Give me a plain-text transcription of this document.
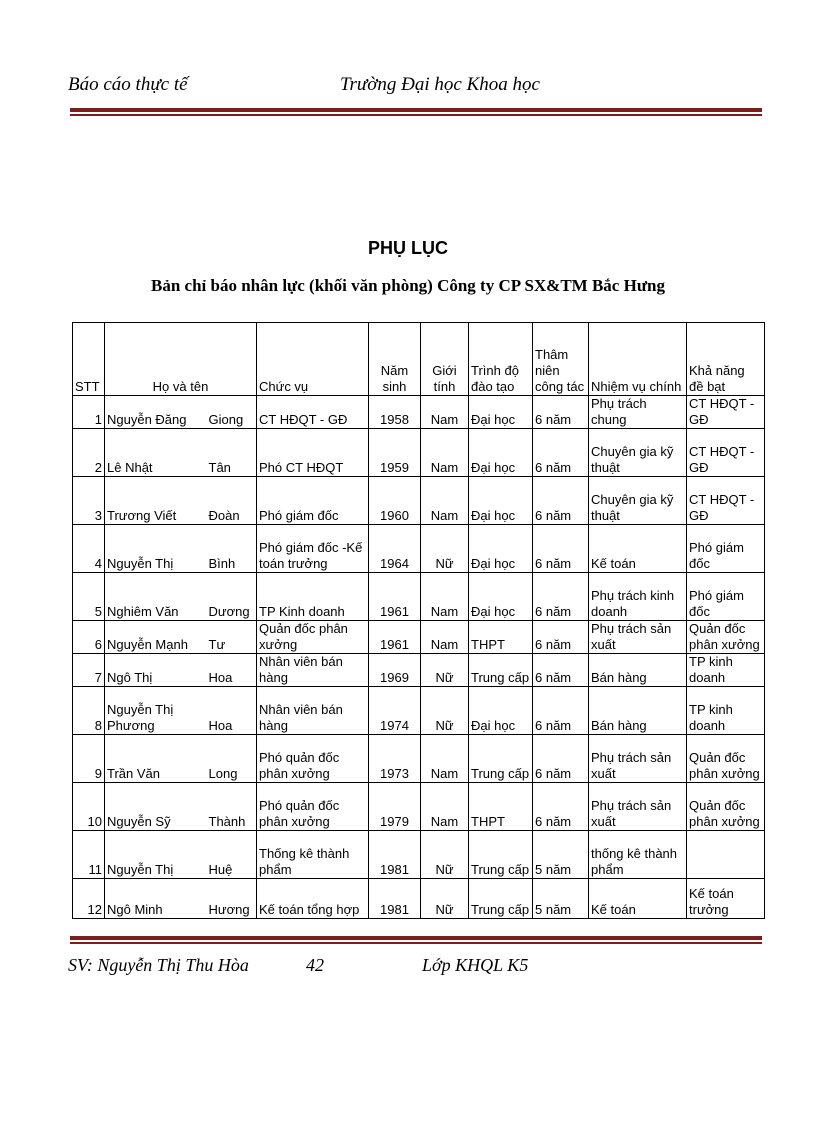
Báo cáo thực tế	Trường Đại học Khoa học
PHỤ LỤC
Bản chỉ báo nhân lực (khối văn phòng) Công ty CP SX&TM Bắc Hưng
STT	Họ và tên		Chức vụ	Năm sinh	Giới tính	Trình độ đào tạo	Thâm niên công tác	Nhiệm vụ chính	Khả năng đề bạt
1	Nguyễn Đăng	Giong	CT HĐQT - GĐ	1958	Nam	Đại học	6 năm	Phụ trách chung	CT HĐQT - GĐ
2	Lê Nhật	Tân	Phó CT HĐQT	1959	Nam	Đại học	6 năm	Chuyên gia kỹ thuật	CT HĐQT - GĐ
3	Trương Viết	Đoàn	Phó giám đốc	1960	Nam	Đại học	6 năm	Chuyên gia kỹ thuật	CT HĐQT - GĐ
4	Nguyễn Thị	Bình	Phó giám đốc -Kế toán trưởng	1964	Nữ	Đại học	6 năm	Kế toán	Phó giám đốc
5	Nghiêm Văn	Dương	TP Kinh doanh	1961	Nam	Đại học	6 năm	Phụ trách kinh doanh	Phó giám đốc
6	Nguyễn Mạnh	Tư	Quản đốc phân xưởng	1961	Nam	THPT	6 năm	Phụ trách sản xuất	Quản đốc phân xưởng
7	Ngô Thị	Hoa	Nhân viên bán hàng	1969	Nữ	Trung cấp	6 năm	Bán hàng	TP kinh doanh
8	Nguyễn Thị Phương	Hoa	Nhân viên bán hàng	1974	Nữ	Đại học	6 năm	Bán hàng	TP kinh doanh
9	Trần Văn	Long	Phó quản đốc phân xưởng	1973	Nam	Trung cấp	6 năm	Phụ trách sản xuất	Quản đốc phân xưởng
10	Nguyễn Sỹ	Thành	Phó quản đốc phân xưởng	1979	Nam	THPT	6 năm	Phụ trách sản xuất	Quản đốc phân xưởng
11	Nguyễn Thị	Huệ	Thống kê thành phẩm	1981	Nữ	Trung cấp	5 năm	thống kê thành phẩm	
12	Ngô Minh	Hương	Kế toán tổng hợp	1981	Nữ	Trung cấp	5 năm	Kế toán	Kế toán trưởng
SV: Nguyễn Thị Thu Hòa	42	Lớp KHQL K5
